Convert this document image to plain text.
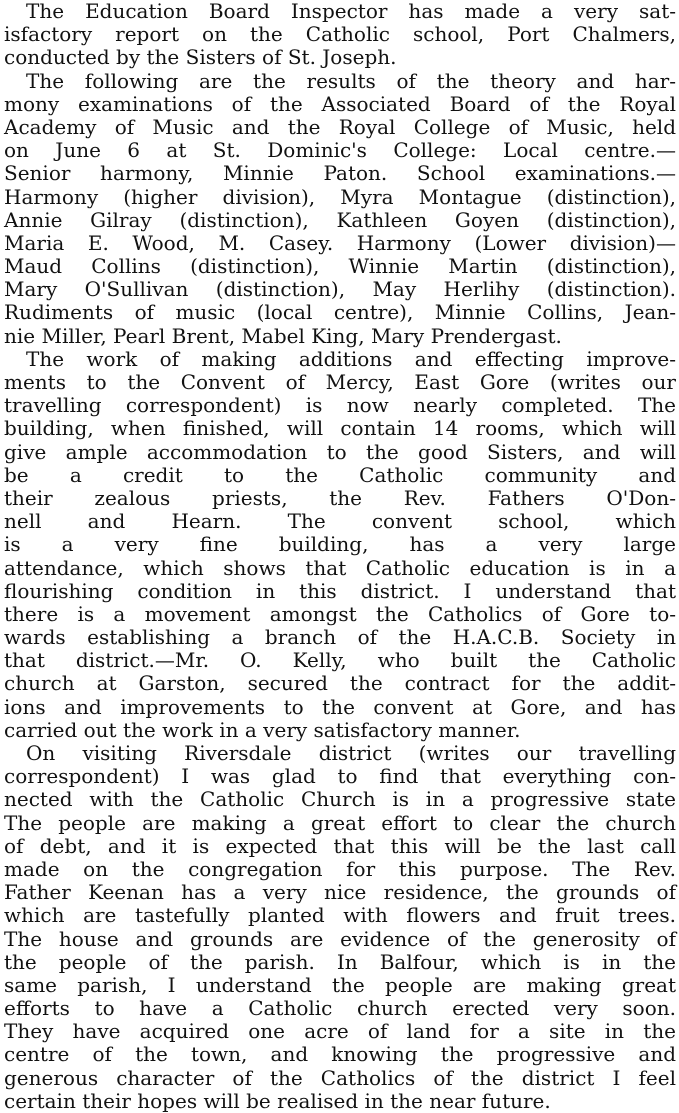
The Education Board Inspector has made a very sat-
isfactory report on the Catholic school, Port Chalmers,
conducted by the Sisters of St. Joseph.
The following are the results of the theory and har-
mony examinations of the Associated Board of the Royal
Academy of Music and the Royal College of Music, held
on June 6 at St. Dominic's College: Local centre.—
Senior harmony, Minnie Paton. School examinations.—
Harmony (higher division), Myra Montague (distinction),
Annie Gilray (distinction), Kathleen Goyen (distinction),
Maria E. Wood, M. Casey. Harmony (Lower division)—
Maud Collins (distinction), Winnie Martin (distinction),
Mary O'Sullivan (distinction), May Herlihy (distinction).
Rudiments of music (local centre), Minnie Collins, Jean-
nie Miller, Pearl Brent, Mabel King, Mary Prendergast.
The work of making additions and effecting improve-
ments to the Convent of Mercy, East Gore (writes our
travelling correspondent) is now nearly completed. The
building, when finished, will contain 14 rooms, which will
give ample accommodation to the good Sisters, and will
be a credit to the Catholic community and
their zealous priests, the Rev. Fathers O'Don-
nell and Hearn. The convent school, which
is a very fine building, has a very large
attendance, which shows that Catholic education is in a
flourishing condition in this district. I understand that
there is a movement amongst the Catholics of Gore to-
wards establishing a branch of the H.A.C.B. Society in
that district.—Mr. O. Kelly, who built the Catholic
church at Garston, secured the contract for the addit-
ions and improvements to the convent at Gore, and has
carried out the work in a very satisfactory manner.
On visiting Riversdale district (writes our travelling
correspondent) I was glad to find that everything con-
nected with the Catholic Church is in a progressive state
The people are making a great effort to clear the church
of debt, and it is expected that this will be the last call
made on the congregation for this purpose. The Rev.
Father Keenan has a very nice residence, the grounds of
which are tastefully planted with flowers and fruit trees.
The house and grounds are evidence of the generosity of
the people of the parish. In Balfour, which is in the
same parish, I understand the people are making great
efforts to have a Catholic church erected very soon.
They have acquired one acre of land for a site in the
centre of the town, and knowing the progressive and
generous character of the Catholics of the district I feel
certain their hopes will be realised in the near future.
